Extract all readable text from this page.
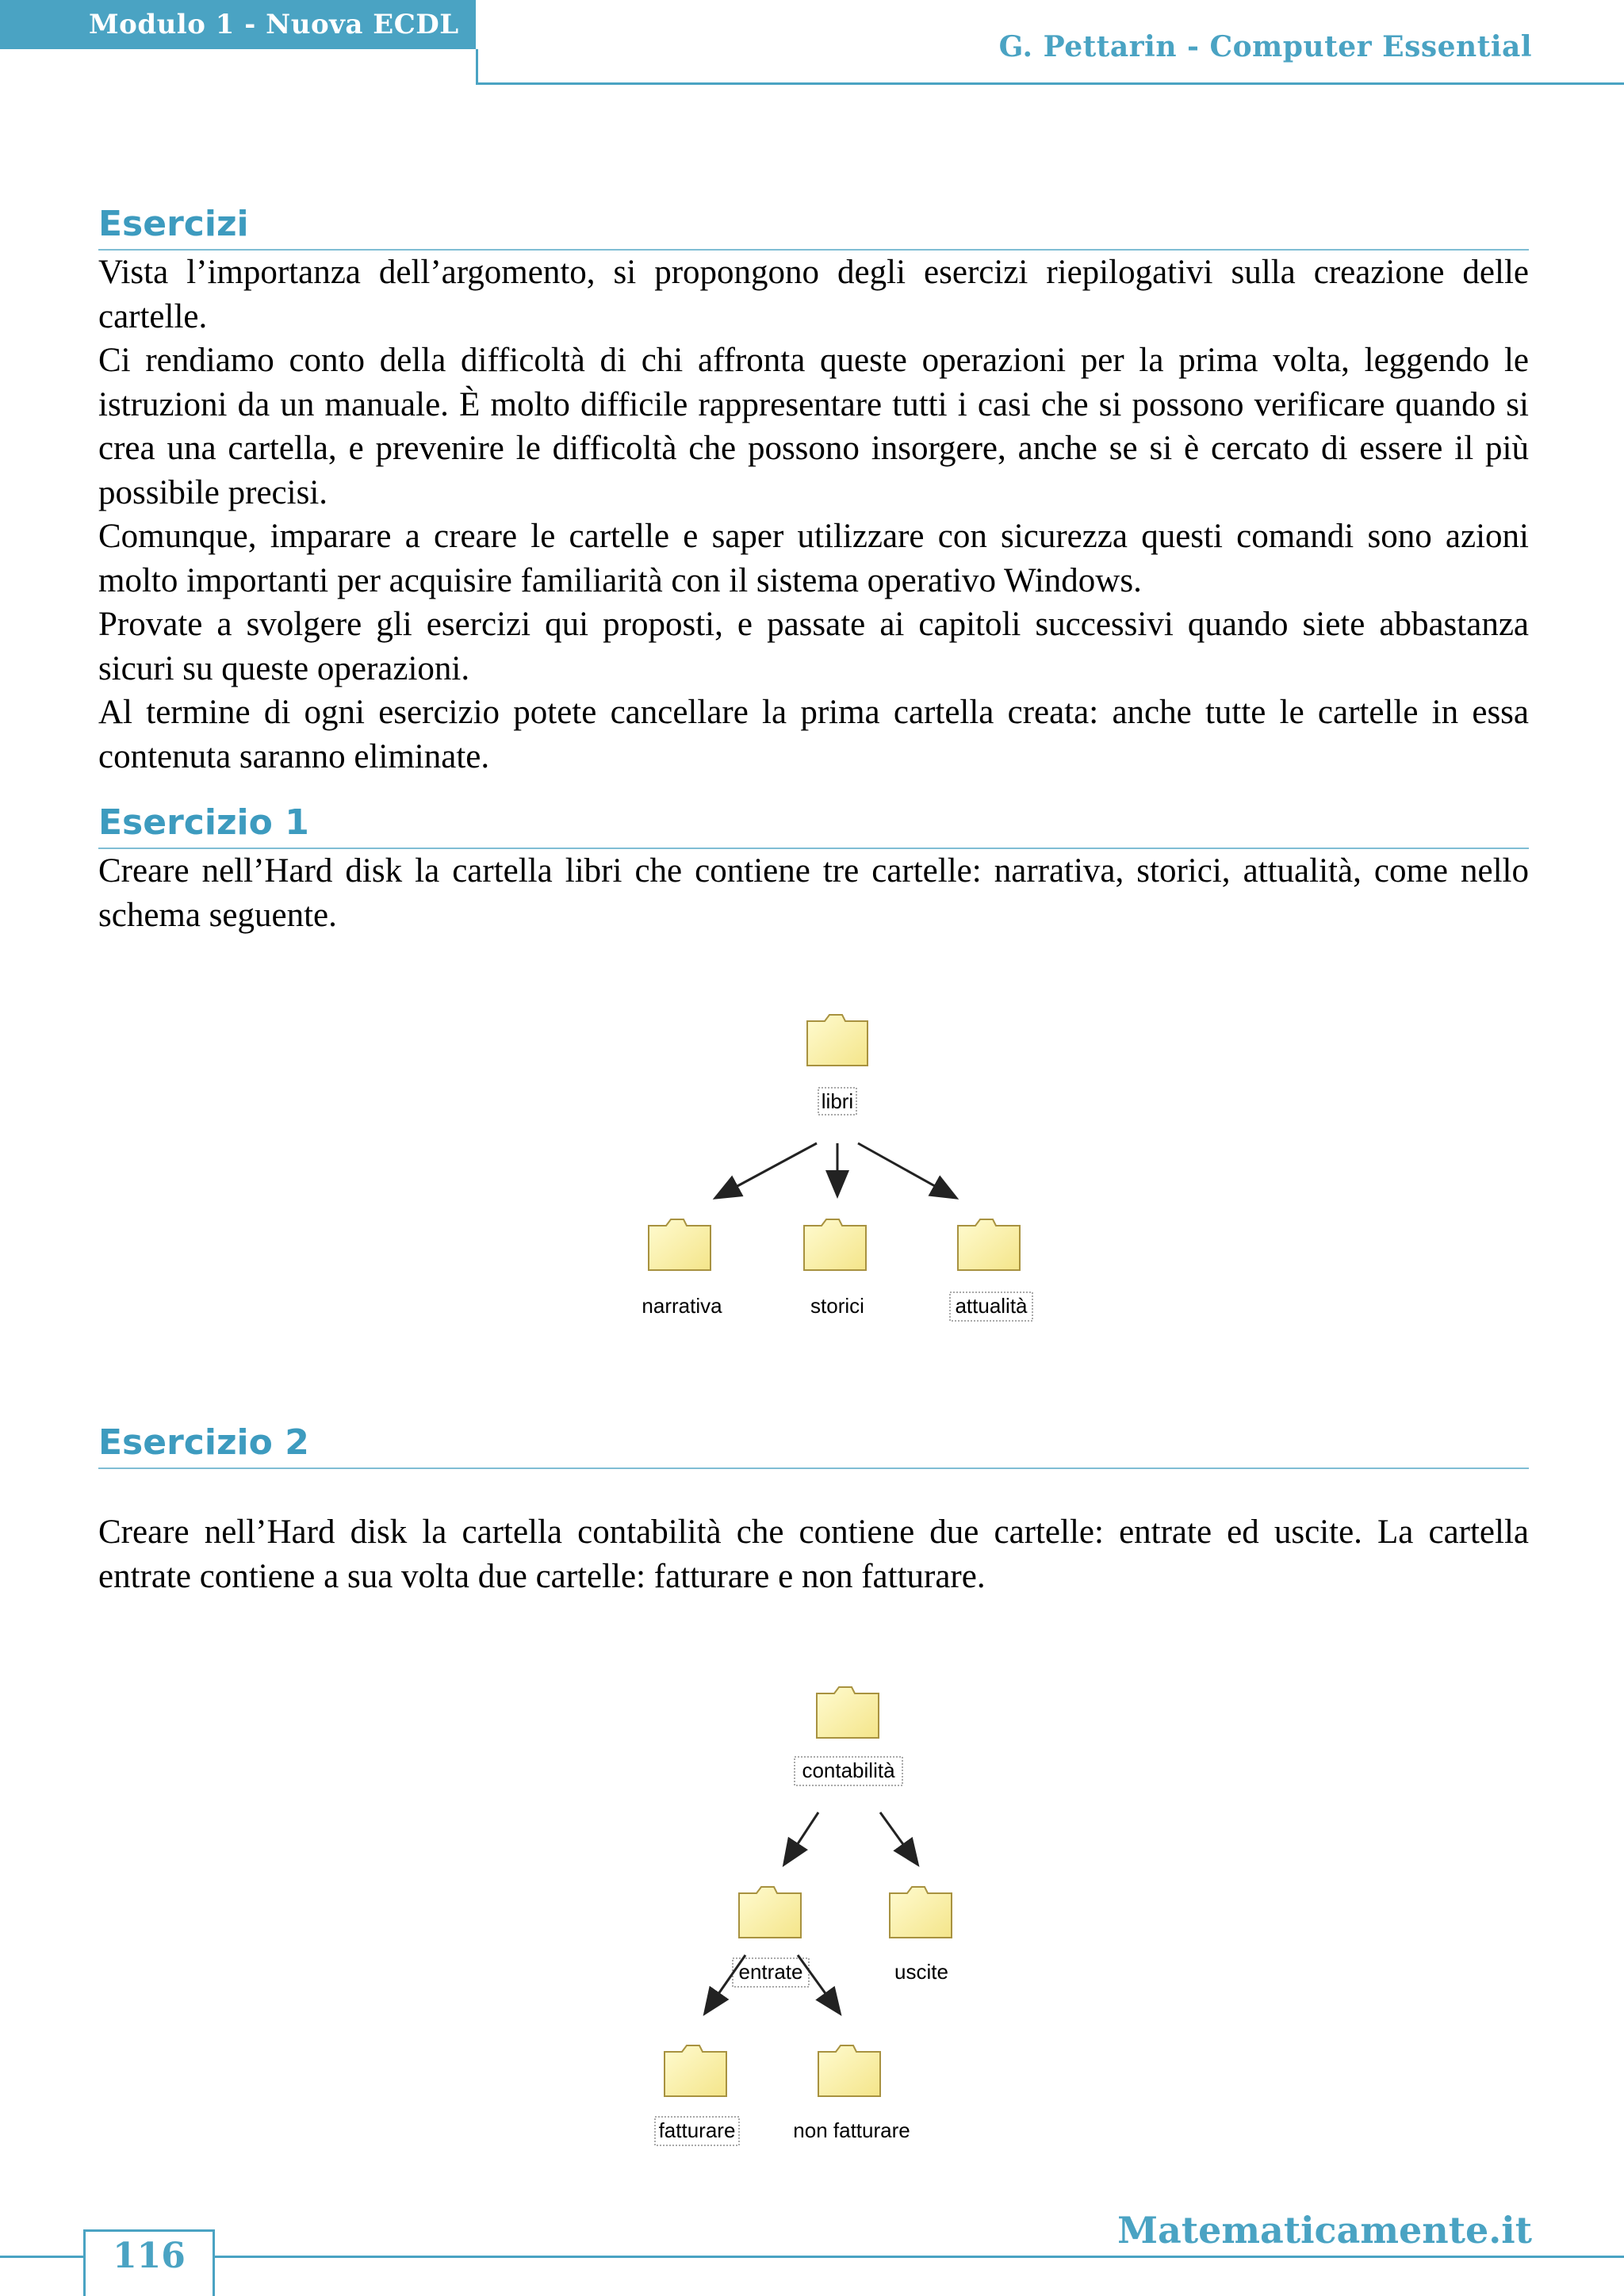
Modulo 1 - Nuova ECDL
G. Pettarin - Computer Essential
Esercizi

Vista l’importanza dell’argomento, si propongono degli esercizi riepilogativi sulla creazione delle cartelle.

Ci rendiamo conto della difficoltà di chi affronta queste operazioni per la prima volta, leggendo le istruzioni da un manuale. È molto difficile rappresentare tutti i casi che si possono verificare quando si crea una cartella, e prevenire le difficoltà che possono insorgere, anche se si è cercato di essere il più possibile precisi.

Comunque, imparare a creare le cartelle e saper utilizzare con sicurezza questi comandi sono azioni molto importanti per acquisire familiarità con il sistema operativo Windows.

Provate a svolgere gli esercizi qui proposti, e passate ai capitoli successivi quando siete abbastanza sicuri su queste operazioni.

Al termine di ogni esercizio potete cancellare la prima cartella creata: anche tutte le cartelle in essa contenuta saranno eliminate.

Esercizio 1

Creare nell’Hard disk la cartella libri che contiene tre cartelle: narrativa, storici, attualità, come nello schema seguente.

libri
narrativa	storici	attualità
Esercizio 2

Creare nell’Hard disk la cartella contabilità che contiene due cartelle: entrate ed uscite. La cartella entrate contiene a sua volta due cartelle: fatturare e non fatturare.

contabilità
entrate	uscite
fatturare	non fatturare
116
Matematicamente.it
